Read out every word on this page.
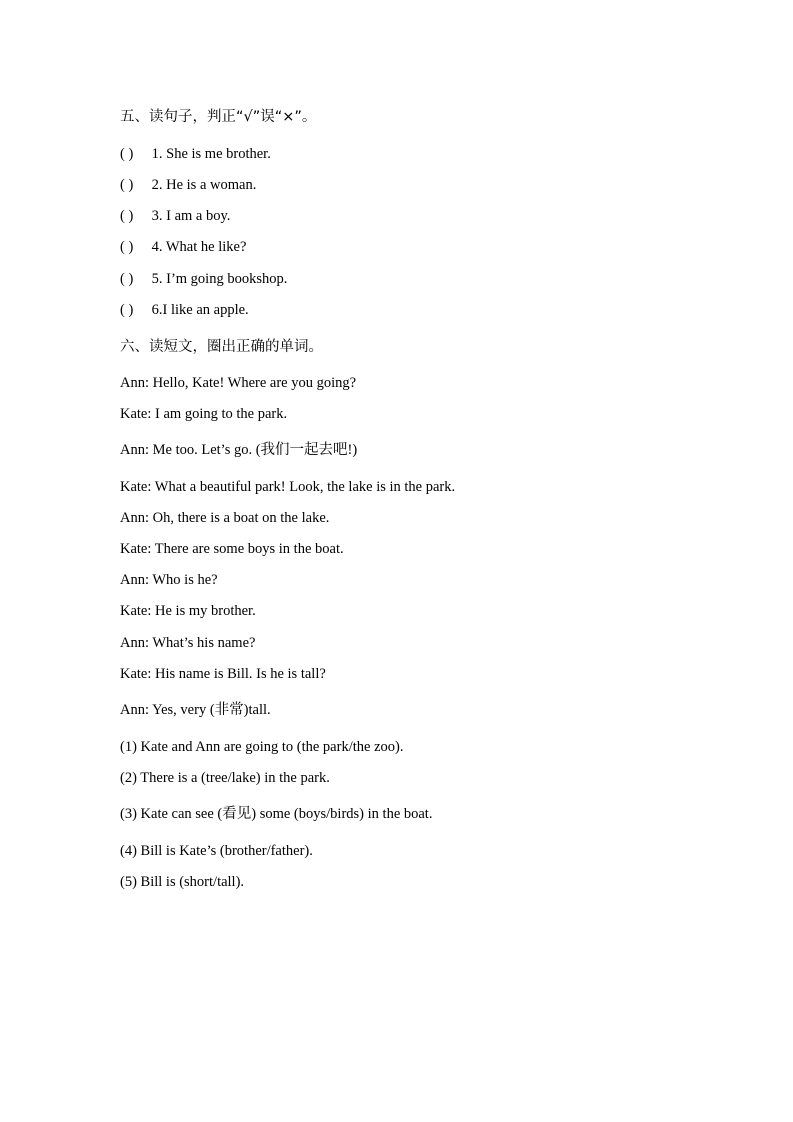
五、读句子，判正“√”误“×”。
( ) 1. She is me brother.
( ) 2. He is a woman.
( ) 3. I am a boy.
( ) 4. What he like?
( ) 5. I’m going bookshop.
( ) 6.I like an apple.
六、读短文，圈出正确的单词。
Ann: Hello, Kate! Where are you going?
Kate: I am going to the park.
Ann: Me too. Let’s go. (我们一起去吧!)
Kate: What a beautiful park! Look, the lake is in the park.
Ann: Oh, there is a boat on the lake.
Kate: There are some boys in the boat.
Ann: Who is he?
Kate: He is my brother.
Ann: What’s his name?
Kate: His name is Bill. Is he is tall?
Ann: Yes, very (非常)tall.
(1) Kate and Ann are going to (the park/the zoo).
(2) There is a (tree/lake) in the park.
(3) Kate can see (看见) some (boys/birds) in the boat.
(4) Bill is Kate’s (brother/father).
(5) Bill is (short/tall).
